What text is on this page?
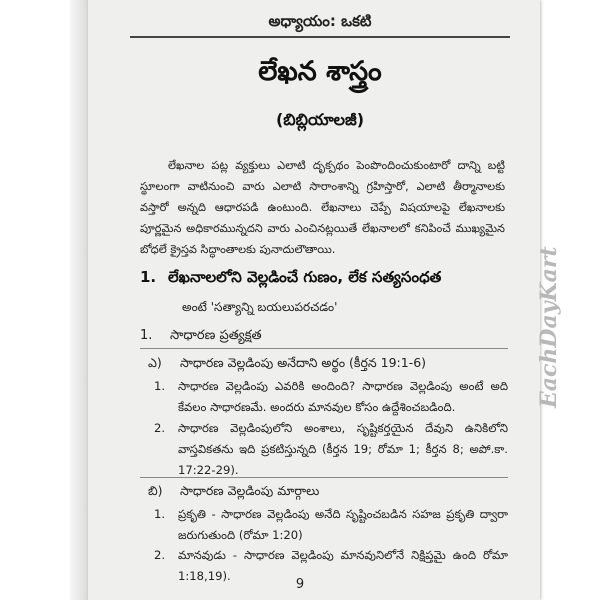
అధ్యాయం: ఒకటి
లేఖన శాస్త్రం
(బిబ్లియాలజీ)

లేఖనాల పట్ల వ్యక్తులు ఎలాటి దృక్పథం పెంపొందించుకుంటారో దాన్ని బట్టి స్థూలంగా వాటినుంచి వారు ఎలాటి సారాంశాన్ని గ్రహిస్తారో, ఎలాటి తీర్మానాలకు వస్తారో అన్నది ఆధారపడి ఉంటుంది. లేఖనాలు చెప్పే విషయాలపై లేఖనాలకు పూర్ణమైన అధికారమున్నదని వారు ఎంచినట్లయితే లేఖనాలలో కనిపించే ముఖ్యమైన బోధలే క్రైస్తవ సిద్ధాంతాలకు పునాదులౌతాయి.

1. లేఖనాలలోని వెల్లడించే గుణం, లేక సత్యసంధత
అంటే 'సత్యాన్ని బయలుపరచడం'
1. సాధారణ ప్రత్యక్షత
ఎ) సాధారణ వెల్లడింపు అనేదాని అర్థం (కీర్తన 19:1-6)
1. సాధారణ వెల్లడింపు ఎవరికి అందింది? సాధారణ వెల్లడింపు అంటే అది కేవలం సాధారణమే. అందరు మానవుల కోసం ఉద్దేశించబడింది.
2. సాధారణ వెల్లడింపులోని అంశాలు, సృష్టికర్తయైన దేవుని ఉనికిలోని వాస్తవికతను ఇది ప్రకటిస్తున్నది (కీర్తన 19; రోమా 1; కీర్తన 8; అపో.కా. 17:22-29).
బి) సాధారణ వెల్లడింపు మార్గాలు
1. ప్రకృతి - సాధారణ వెల్లడింపు అనేది సృష్టించబడిన సహజ ప్రకృతి ద్వారా జరుగుతుంది (రోమా 1:20)
2. మానవుడు - సాధారణ వెల్లడింపు మానవునిలోనే నిక్షిప్తమై ఉంది రోమా 1:18,19).
9
EachDayKart
